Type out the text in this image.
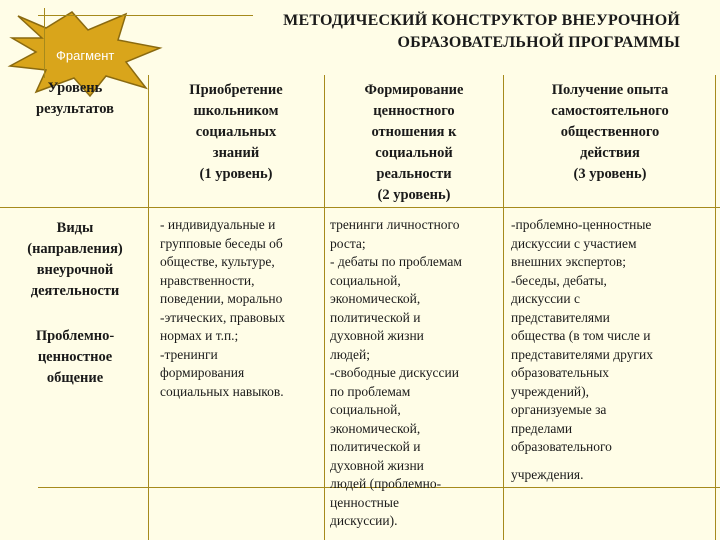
Фрагмент
МЕТОДИЧЕСКИЙ КОНСТРУКТОР ВНЕУРОЧНОЙ
ОБРАЗОВАТЕЛЬНОЙ ПРОГРАММЫ
Уровень
результатов
Приобретение
школьником
социальных
знаний
(1 уровень)
Формирование
ценностного
отношения к
социальной
реальности
(2 уровень)
Получение опыта
самостоятельного
общественного
действия
(3 уровень)
Виды
(направления)
внеурочной
деятельности
Проблемно-
ценностное
общение
- индивидуальные и
групповые беседы об
обществе, культуре,
нравственности,
поведении, морально
-этических, правовых
нормах и т.п.;
-тренинги
формирования
социальных навыков.
тренинги личностного
роста;
- дебаты по проблемам
социальной,
экономической,
политической и
духовной жизни
людей;
-свободные дискуссии
по проблемам
социальной,
экономической,
политической и
духовной жизни
людей (проблемно-
ценностные
дискуссии).
-проблемно-ценностные
дискуссии с участием
внешних экспертов;
-беседы, дебаты,
дискуссии с
представителями
общества (в том числе и
представителями других
образовательных
учреждений),
организуемые за
пределами
образовательного
учреждения.
